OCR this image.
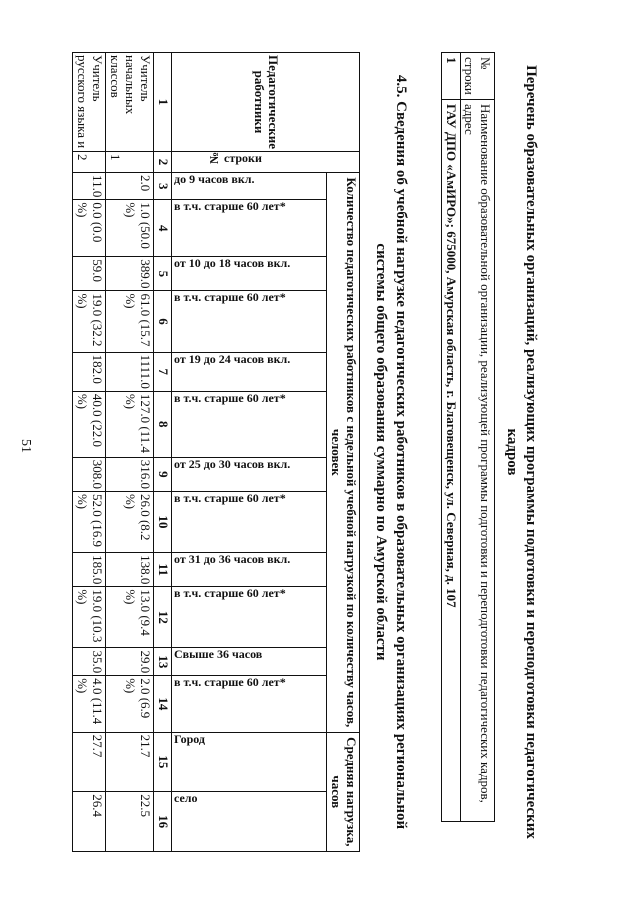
Перечень образовательных организаций, реализующих программы подготовки и переподготовки педагогических кадров
№ строки	Наименование образовательной организации, реализующей программы подготовки и переподготовки педагогических кадров, адрес
1	ГАУ ДПО «АмИРО»; 675000, Амурская область, г. Благовещенск, ул. Северная, д. 107
4.5. Сведения об учебной нагрузке педагогических работников в образовательных организациях региональной системы общего образования суммарно по Амурской области
Педагогические работники	№ строки	Количество педагогических работников с недельной учебной нагрузкой по количеству часов, человек												Средняя нагрузка, часов	

		до 9 часов вкл.	в т.ч. старше 60 лет*	от 10 до 18 часов вкл.	в т.ч. старше 60 лет*	от 19 до 24 часов вкл.	в т.ч. старше 60 лет*	от 25 до 30 часов вкл.	в т.ч. старше 60 лет*	от 31 до 36 часов вкл.	в т.ч. старше 60 лет*	Свыше 36 часов	в т.ч. старше 60 лет*	Город	село

1	2	3	4	5	6	7	8	9	10	11	12	13	14	15	16
Учитель начальных классов	1	2.0	1.0 (50.0 %)	389.0	61.0 (15.7 %)	1111.0	127.0 (11.4 %)	316.0	26.0 (8.2 %)	138.0	13.0 (9.4 %)	29.0	2.0 (6.9 %)	21.7	22.5
Учитель русского языка и	2	11.0	0.0 (0.0 %)	59.0	19.0 (32.2 %)	182.0	40.0 (22.0 %)	308.0	52.0 (16.9 %)	185.0	19.0 (10.3 %)	35.0	4.0 (11.4 %)	27.7	26.4
51
